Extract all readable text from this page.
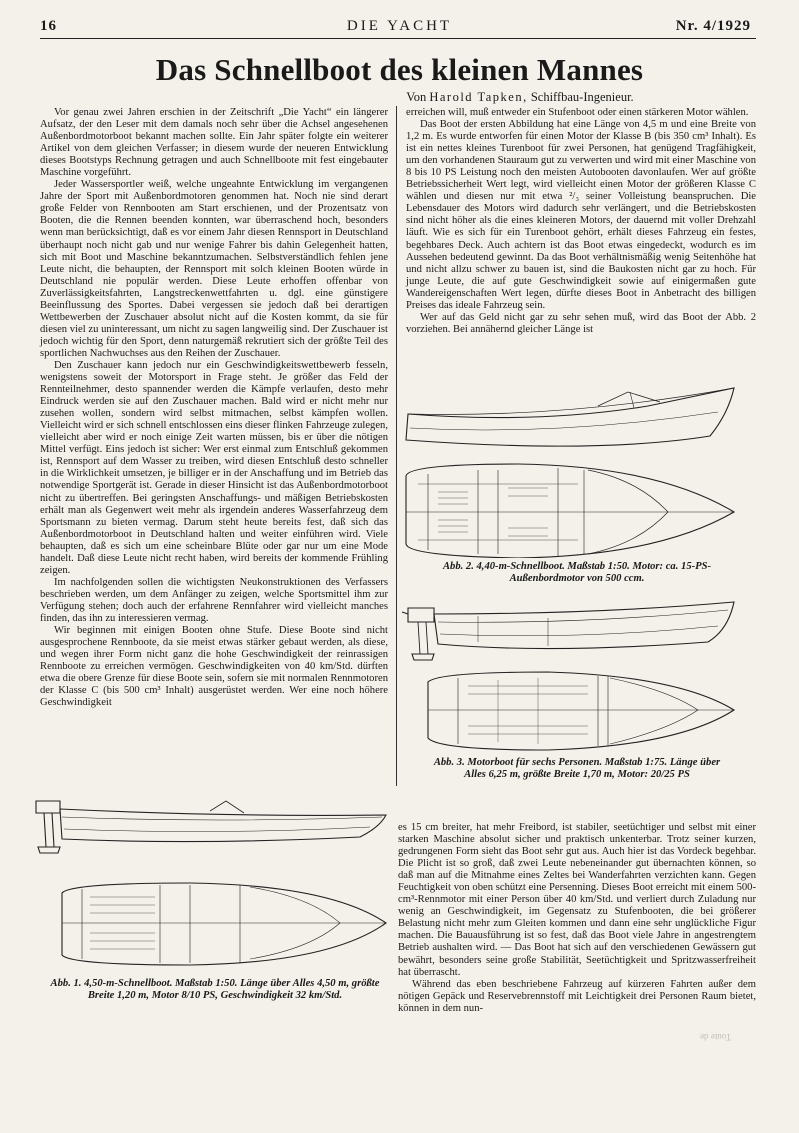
16	DIE YACHT	Nr. 4/1929
Das Schnellboot des kleinen Mannes
Von Harold Tapken, Schiffbau-Ingenieur.

Vor genau zwei Jahren erschien in der Zeitschrift „Die Yacht“ ein längerer Aufsatz, der den Leser mit dem damals noch sehr über die Achsel angesehenen Außenbordmotorboot bekannt machen sollte. Ein Jahr später folgte ein weiterer Artikel von dem gleichen Verfasser; in diesem wurde der neueren Entwicklung dieses Bootstyps Rechnung getragen und auch Schnellboote mit fest eingebauter Maschine vorgeführt.

Jeder Wassersportler weiß, welche ungeahnte Entwicklung im vergangenen Jahre der Sport mit Außenbordmotoren genommen hat. Noch nie sind derart große Felder von Rennbooten am Start erschienen, und der Prozentsatz von Booten, die die Rennen beenden konnten, war überraschend hoch, besonders wenn man berücksichtigt, daß es vor einem Jahr diesen Rennsport in Deutschland überhaupt noch nicht gab und nur wenige Fahrer bis dahin Gelegenheit hatten, sich mit Boot und Maschine bekanntzumachen. Selbstverständlich fehlen jene Leute nicht, die behaupten, der Rennsport mit solch kleinen Booten würde in Deutschland nie populär werden. Diese Leute erhoffen offenbar von Zuverlässigkeitsfahrten, Langstreckenwettfahrten u. dgl. eine günstigere Beeinflussung des Sportes. Dabei vergessen sie jedoch daß bei derartigen Wettbewerben der Zuschauer absolut nicht auf die Kosten kommt, da sie für diesen viel zu uninteressant, um nicht zu sagen langweilig sind. Der Zuschauer ist jedoch wichtig für den Sport, denn naturgemäß rekrutiert sich der größte Teil des sportlichen Nachwuchses aus den Reihen der Zuschauer.

Den Zuschauer kann jedoch nur ein Geschwindigkeitswettbewerb fesseln, wenigstens soweit der Motorsport in Frage steht. Je größer das Feld der Rennteilnehmer, desto spannender werden die Kämpfe verlaufen, desto mehr Eindruck werden sie auf den Zuschauer machen. Bald wird er nicht mehr nur zusehen wollen, sondern wird selbst mitmachen, selbst kämpfen wollen. Vielleicht wird er sich schnell entschlossen eins dieser flinken Fahrzeuge zulegen, vielleicht aber wird er noch einige Zeit warten müssen, bis er über die nötigen Mittel verfügt. Eins jedoch ist sicher: Wer erst einmal zum Entschluß gekommen ist, Rennsport auf dem Wasser zu treiben, wird diesen Entschluß desto schneller in die Wirklichkeit umsetzen, je billiger er in der Anschaffung und im Betrieb das notwendige Sportgerät ist. Gerade in dieser Hinsicht ist das Außenbordmotorboot nicht zu übertreffen. Bei geringsten Anschaffungs- und mäßigen Betriebskosten erhält man als Gegenwert weit mehr als irgendein anderes Wasserfahrzeug dem Sportsmann zu bieten vermag. Darum steht heute bereits fest, daß sich das Außenbordmotorboot in Deutschland halten und weiter einführen wird. Viele behaupten, daß es sich um eine scheinbare Blüte oder gar nur um eine Mode handelt. Daß diese Leute nicht recht haben, wird bereits der kommende Frühling zeigen.

Im nachfolgenden sollen die wichtigsten Neukonstruktionen des Verfassers beschrieben werden, um dem Anfänger zu zeigen, welche Sportsmittel ihm zur Verfügung stehen; doch auch der erfahrene Rennfahrer wird vielleicht manches finden, das ihn zu interessieren vermag.

Wir beginnen mit einigen Booten ohne Stufe. Diese Boote sind nicht ausgesprochene Rennboote, da sie meist etwas stärker gebaut werden, als diese, und wegen ihrer Form nicht ganz die hohe Geschwindigkeit der reinrassigen Rennboote zu erreichen vermögen. Geschwindigkeiten von 40 km/Std. dürften etwa die obere Grenze für diese Boote sein, sofern sie mit normalen Rennmotoren der Klasse C (bis 500 cm³ Inhalt) ausgerüstet werden. Wer eine noch höhere Geschwindigkeit

erreichen will, muß entweder ein Stufenboot oder einen stärkeren Motor wählen.

Das Boot der ersten Abbildung hat eine Länge von 4,5 m und eine Breite von 1,2 m. Es wurde entworfen für einen Motor der Klasse B (bis 350 cm³ Inhalt). Es ist ein nettes kleines Turenboot für zwei Personen, hat genügend Tragfähigkeit, um den vorhandenen Stauraum gut zu verwerten und wird mit einer Maschine von 8 bis 10 PS Leistung noch den meisten Autobooten davonlaufen. Wer auf größte Betriebssicherheit Wert legt, wird vielleicht einen Motor der größeren Klasse C wählen und diesen nur mit etwa ²/₃ seiner Volleistung beanspruchen. Die Lebensdauer des Motors wird dadurch sehr verlängert, und die Betriebskosten sind nicht höher als die eines kleineren Motors, der dauernd mit voller Drehzahl läuft. Wie es sich für ein Turenboot gehört, erhält dieses Fahrzeug ein festes, begehbares Deck. Auch achtern ist das Boot etwas eingedeckt, wodurch es im Aussehen bedeutend gewinnt. Da das Boot verhältnismäßig wenig Seitenhöhe hat und nicht allzu schwer zu bauen ist, sind die Baukosten nicht gar zu hoch. Für junge Leute, die auf gute Geschwindigkeit sowie auf einigermaßen gute Wandereigenschaften Wert legen, dürfte dieses Boot in Anbetracht des billigen Preises das ideale Fahrzeug sein.

Wer auf das Geld nicht gar zu sehr sehen muß, wird das Boot der Abb. 2 vorziehen. Bei annähernd gleicher Länge ist

Abb. 2. 4,40-m-Schnellboot. Maßstab 1:50. Motor: ca. 15-PS-
Außenbordmotor von 500 ccm.
Abb. 3. Motorboot für sechs Personen. Maßstab 1:75. Länge über
Alles 6,25 m, größte Breite 1,70 m, Motor: 20/25 PS

es 15 cm breiter, hat mehr Freibord, ist stabiler, seetüchtiger und selbst mit einer starken Maschine absolut sicher und praktisch unkenterbar. Trotz seiner kurzen, gedrungenen Form sieht das Boot sehr gut aus. Auch hier ist das Vordeck begehbar. Die Plicht ist so groß, daß zwei Leute nebeneinander gut übernachten können, so daß man auf die Mitnahme eines Zeltes bei Wanderfahrten verzichten kann. Gegen Feuchtigkeit von oben schützt eine Persenning. Dieses Boot erreicht mit einem 500-cm³-Rennmotor mit einer Person über 40 km/Std. und verliert durch Zuladung nur wenig an Geschwindigkeit, im Gegensatz zu Stufenbooten, die bei größerer Belastung nicht mehr zum Gleiten kommen und dann eine sehr unglückliche Figur machen. Die Bauausführung ist so fest, daß das Boot viele Jahre in angestrengtem Betrieb aushalten wird. — Das Boot hat sich auf den verschiedenen Gewässern gut bewährt, besonders seine große Stabilität, Seetüchtigkeit und Spritzwasserfreiheit hat überrascht.

Während das eben beschriebene Fahrzeug auf kürzeren Fahrten außer dem nötigen Gepäck und Reservebrennstoff mit Leichtigkeit drei Personen Raum bietet, können in dem nun-

Abb. 1. 4,50-m-Schnellboot. Maßstab 1:50. Länge über Alles 4,50 m, größte Breite 1,20 m, Motor 8/10 PS, Geschwindigkeit 32 km/Std.
Toute de
